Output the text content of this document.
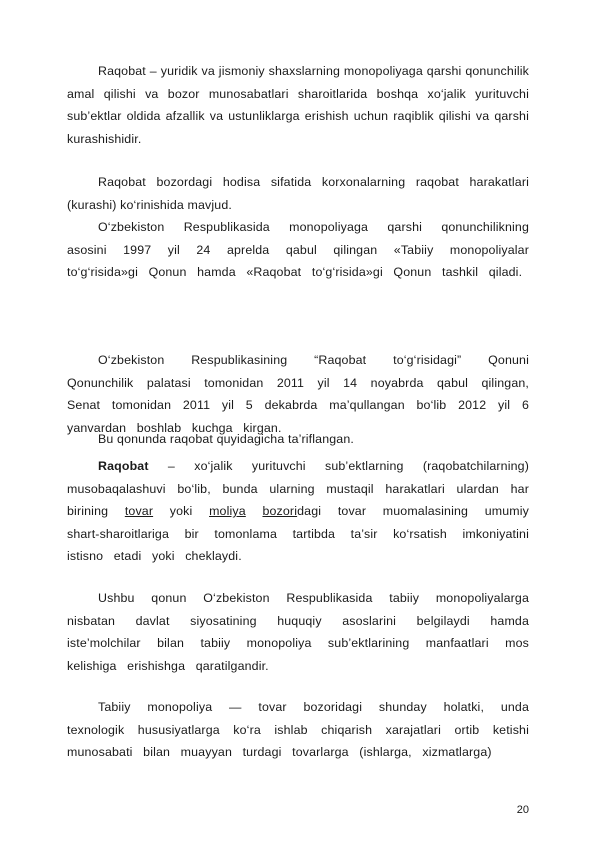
Raqobat – yuridik va jismoniy shaxslarning monopoliyaga qarshi qonunchilik amal qilishi va bozor munosabatlari sharoitlarida boshqa xo‘jalik yurituvchi sub’ektlar oldida afzallik va ustunliklarga erishish uchun raqiblik qilishi va qarshi kurashishidir.

Raqobat bozordagi hodisa sifatida korxonalarning raqobat harakatlari (kurashi) ko‘rinishida mavjud.

O‘zbekiston Respublikasida monopoliyaga qarshi qonunchilikning asosini 1997 yil 24 aprelda qabul qilingan «Tabiiy monopoliyalar to‘g‘risida»gi Qonun hamda «Raqobat to‘g‘risida»gi Qonun tashkil qiladi.

O‘zbekiston Respublikasining “Raqobat to‘g‘risidagi” Qonuni Qonunchilik palatasi tomonidan 2011 yil 14 noyabrda qabul qilingan, Senat tomonidan 2011 yil 5 dekabrda ma’qullangan bo‘lib 2012 yil 6 yanvardan boshlab kuchga kirgan.

Bu qonunda raqobat quyidagicha ta’riflangan.

Raqobat – xo‘jalik yurituvchi sub’ektlarning (raqobatchilarning) musobaqalashuvi bo‘lib, bunda ularning mustaqil harakatlari ulardan har birining tovar yoki moliya bozoridagi tovar muomalasining umumiy shart-sharoitlariga bir tomonlama tartibda ta’sir ko‘rsatish imkoniyatini istisno etadi yoki cheklaydi.

Ushbu qonun O‘zbekiston Respublikasida tabiiy monopoliyalarga nisbatan davlat siyosatining huquqiy asoslarini belgilaydi hamda iste’molchilar bilan tabiiy monopoliya sub’ektlarining manfaatlari mos kelishiga erishishga qaratilgandir.

Tabiiy monopoliya — tovar bozoridagi shunday holatki, unda texnologik hususiyatlarga ko‘ra ishlab chiqarish xarajatlari ortib ketishi munosabati bilan muayyan turdagi tovarlarga (ishlarga, xizmatlarga)

20
